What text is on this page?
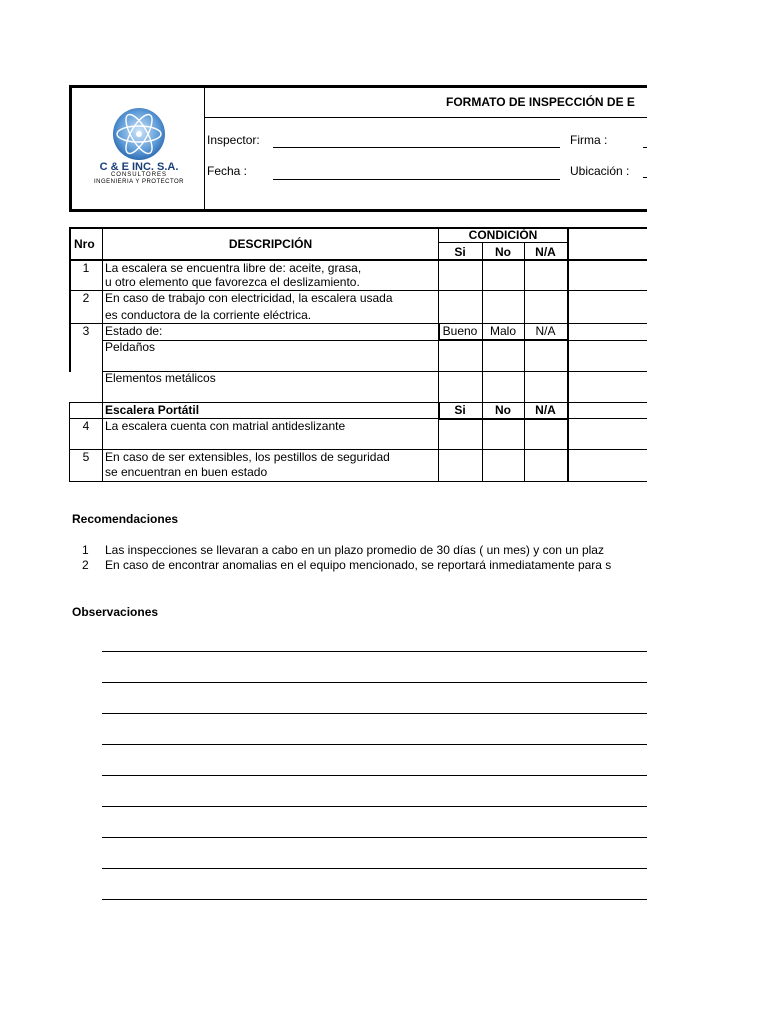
C & E INC. S.A.
CONSULTORES
INGENIERIA Y PROTECTOR
FORMATO DE INSPECCIÓN DE E
Inspector:	Firma :
Fecha :	Ubicación :
Nro	DESCRIPCIÓN
CONDICIÓN
Si	No	N/A
1	La escalera se encuentra libre de: aceite, grasa,
u otro elemento que favorezca el deslizamiento.
2	En caso de trabajo con electricidad, la escalera usada
es conductora de la corriente eléctrica.
3	Estado de:	Bueno	Malo	N/A
Peldaños
Elementos metálicos
Escalera Portátil	Si	No	N/A
4	La escalera cuenta con matrial antideslizante
5	En caso de ser extensibles, los pestillos de seguridad
se encuentran en buen estado
Recomendaciones
1 Las inspecciones se llevaran a cabo en un plazo promedio de 30 días ( un mes) y con un plaz
2 En caso de encontrar anomalias en el equipo mencionado, se reportará inmediatamente para s
Observaciones
